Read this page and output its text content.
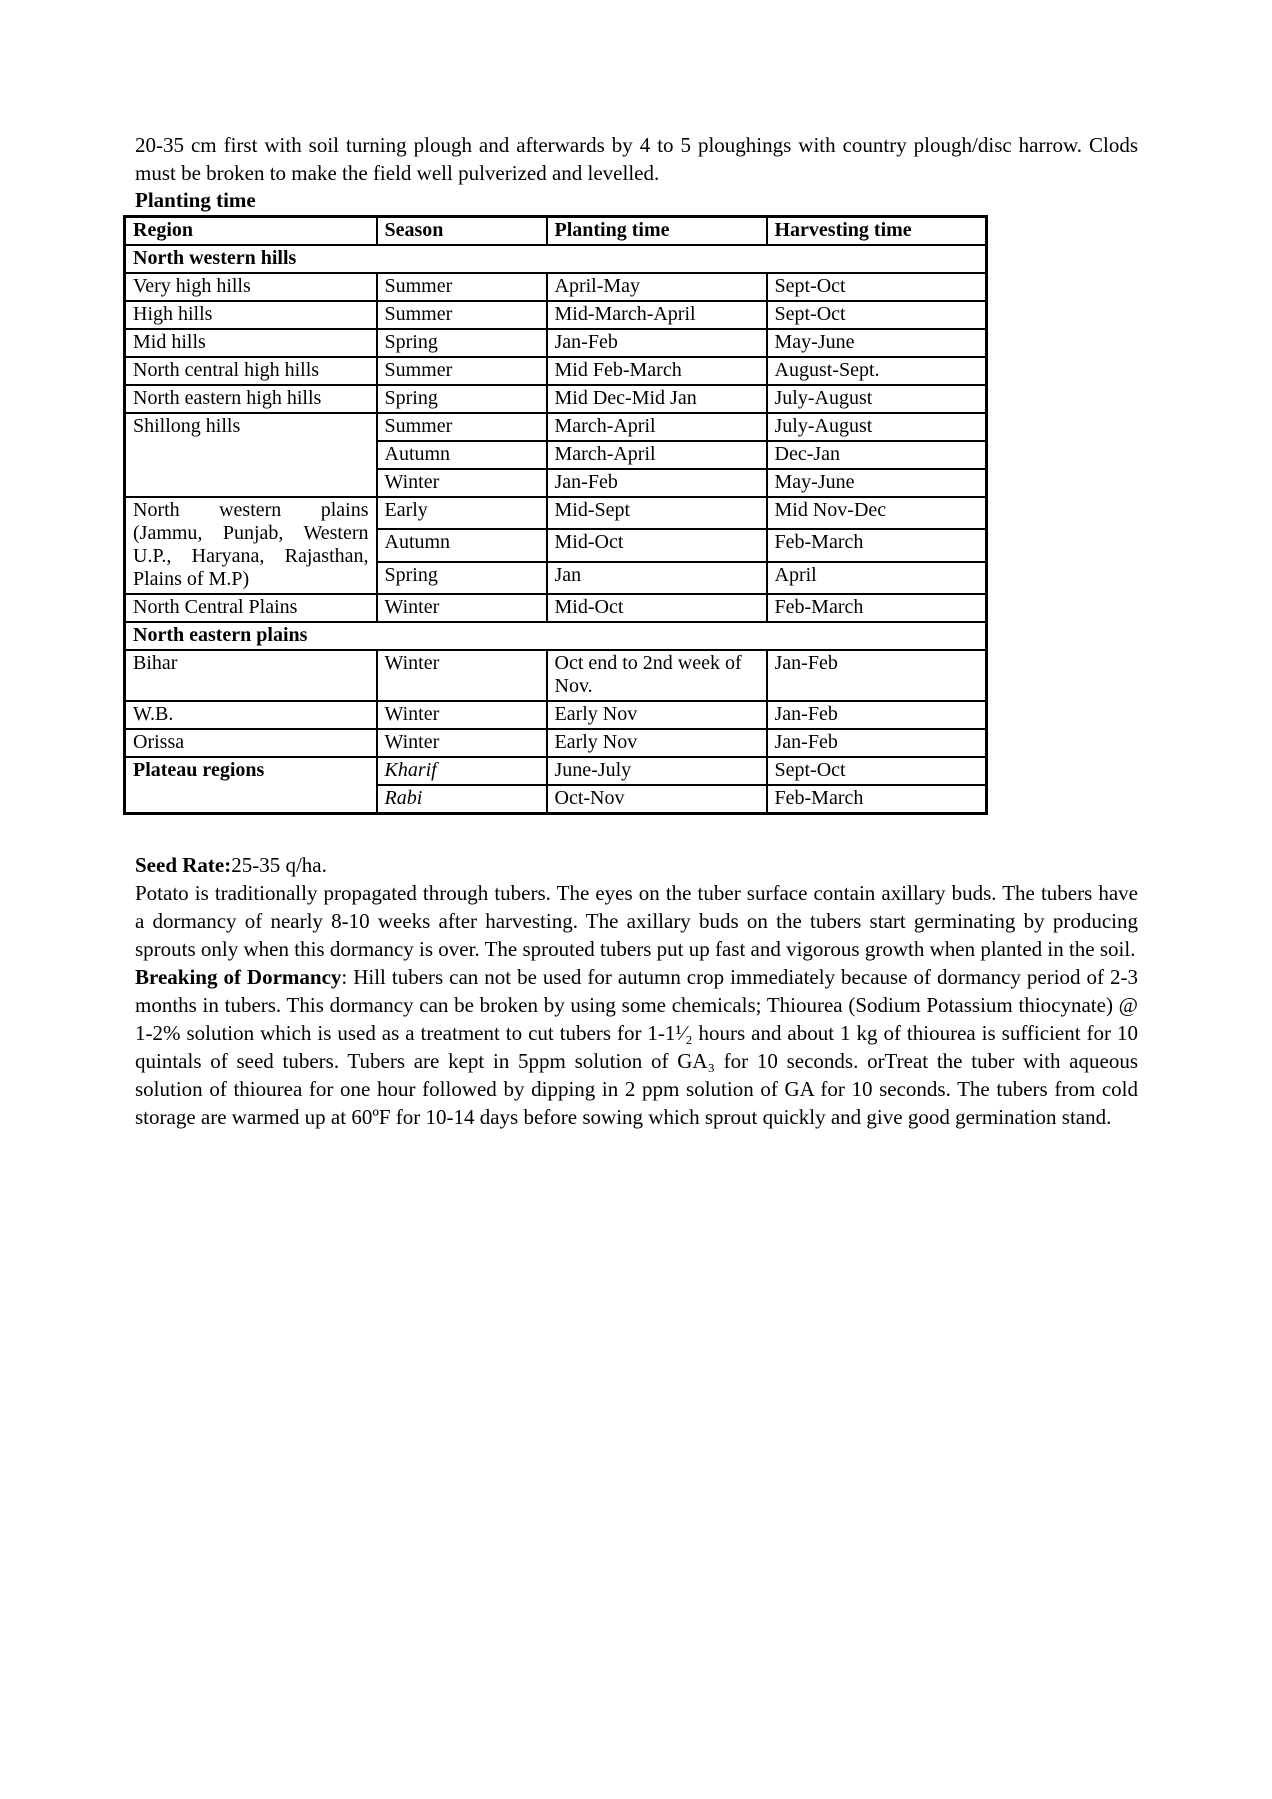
20-35 cm first with soil turning plough and afterwards by 4 to 5 ploughings with country plough/disc harrow. Clods must be broken to make the field well pulverized and levelled.

Planting time
Region	Season	Planting time	Harvesting time
North western hills			
Very high hills	Summer	April-May	Sept-Oct
High hills	Summer	Mid-March-April	Sept-Oct
Mid hills	Spring	Jan-Feb	May-June
North central high hills	Summer	Mid Feb-March	August-Sept.
North eastern high hills	Spring	Mid Dec-Mid Jan	July-August
Shillong hills	Summer	March-April	July-August
	Autumn	March-April	Dec-Jan
	Winter	Jan-Feb	May-June
North western plains (Jammu, Punjab, Western U.P., Haryana, Rajasthan, Plains of M.P)	Early	Mid-Sept	Mid Nov-Dec
	Autumn	Mid-Oct	Feb-March
	Spring	Jan	April
North Central Plains	Winter	Mid-Oct	Feb-March
North eastern plains			
Bihar	Winter	Oct end to 2nd week of Nov.	Jan-Feb
W.B.	Winter	Early Nov	Jan-Feb
Orissa	Winter	Early Nov	Jan-Feb
Plateau regions	Kharif	June-July	Sept-Oct
	Rabi	Oct-Nov	Feb-March

Seed Rate:25-35 q/ha.

Potato is traditionally propagated through tubers. The eyes on the tuber surface contain axillary buds. The tubers have a dormancy of nearly 8-10 weeks after harvesting. The axillary buds on the tubers start germinating by producing sprouts only when this dormancy is over. The sprouted tubers put up fast and vigorous growth when planted in the soil.

Breaking of Dormancy: Hill tubers can not be used for autumn crop immediately because of dormancy period of 2-3 months in tubers. This dormancy can be broken by using some chemicals; Thiourea (Sodium Potassium thiocynate) @ 1-2% solution which is used as a treatment to cut tubers for 1-1¹⁄₂ hours and about 1 kg of thiourea is sufficient for 10 quintals of seed tubers. Tubers are kept in 5ppm solution of GA₃ for 10 seconds. orTreat the tuber with aqueous solution of thiourea for one hour followed by dipping in 2 ppm solution of GA for 10 seconds. The tubers from cold storage are warmed up at 60ºF for 10-14 days before sowing which sprout quickly and give good germination stand.
